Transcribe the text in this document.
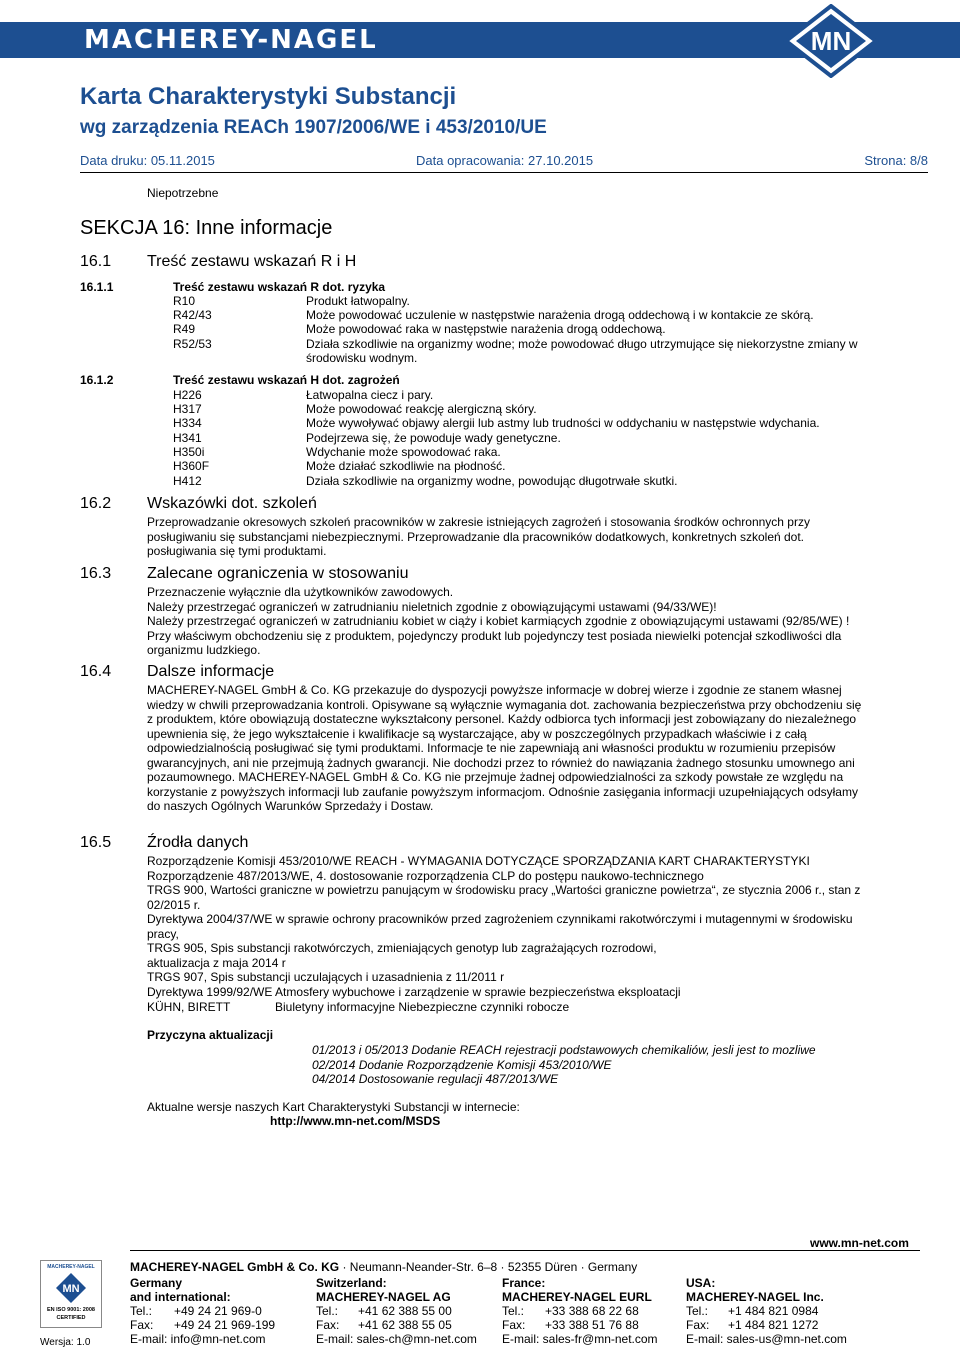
MACHEREY-NAGEL	MN
Karta Charakterystyki Substancji
wg zarządzenia REACh 1907/2006/WE i 453/2010/UE
Data druku: 05.11.2015	Data opracowania: 27.10.2015	Strona: 8/8
Niepotrzebne
SEKCJA 16: Inne informacje
16.1 Treść zestawu wskazań R i H
16.1.1	Treść zestawu wskazań R dot. ryzyka
R10	Produkt łatwopalny.
R42/43	Może powodować uczulenie w następstwie narażenia drogą oddechową i w kontakcie ze skórą.
R49	Może powodować raka w następstwie narażenia drogą oddechową.
R52/53	Działa szkodliwie na organizmy wodne; może powodować długo utrzymujące się niekorzystne zmiany w
środowisku wodnym.
16.1.2	Treść zestawu wskazań H dot. zagrożeń
H226	Łatwopalna ciecz i pary.
H317	Może powodować reakcję alergiczną skóry.
H334	Może wywoływać objawy alergii lub astmy lub trudności w oddychaniu w następstwie wdychania.
H341	Podejrzewa się, że powoduje wady genetyczne.
H350i	Wdychanie może spowodować raka.
H360F	Może działać szkodliwie na płodność.
H412	Działa szkodliwie na organizmy wodne, powodując długotrwałe skutki.
16.2 Wskazówki dot. szkoleń
Przeprowadzanie okresowych szkoleń pracowników w zakresie istniejących zagrożeń i stosowania środków ochronnych przy
posługiwaniu się substancjami niebezpiecznymi. Przeprowadzanie dla pracowników dodatkowych, konkretnych szkoleń dot.
posługiwania się tymi produktami.
16.3 Zalecane ograniczenia w stosowaniu
Przeznaczenie wyłącznie dla użytkowników zawodowych.
Należy przestrzegać ograniczeń w zatrudnianiu nieletnich zgodnie z obowiązującymi ustawami (94/33/WE)!
Należy przestrzegać ograniczeń w zatrudnianiu kobiet w ciąży i kobiet karmiących zgodnie z obowiązującymi ustawami (92/85/WE) !
Przy właściwym obchodzeniu się z produktem, pojedynczy produkt lub pojedynczy test posiada niewielki potencjał szkodliwości dla
organizmu ludzkiego.
16.4 Dalsze informacje
MACHEREY-NAGEL GmbH & Co. KG przekazuje do dyspozycji powyższe informacje w dobrej wierze i zgodnie ze stanem własnej
wiedzy w chwili przeprowadzania kontroli. Opisywane są wyłącznie wymagania dot. zachowania bezpieczeństwa przy obchodzeniu się
z produktem, które obowiązują dostateczne wykształcony personel. Każdy odbiorca tych informacji jest zobowiązany do niezależnego
upewnienia się, że jego wykształcenie i kwalifikacje są wystarczające, aby w poszczególnych przypadkach właściwie i z całą
odpowiedzialnością posługiwać się tymi produktami. Informacje te nie zapewniają ani własności produktu w rozumieniu przepisów
gwarancyjnych, ani nie przejmują żadnych gwarancji. Nie dochodzi przez to również do nawiązania żadnego stosunku umownego ani
pozaumownego. MACHEREY-NAGEL GmbH & Co. KG nie przejmuje żadnej odpowiedzialności za szkody powstałe ze względu na
korzystanie z powyższych informacji lub zaufanie powyższym informacjom. Odnośnie zasięgania informacji uzupełniających odsyłamy
do naszych Ogólnych Warunków Sprzedaży i Dostaw.
16.5 Źrodła danych
Rozporządzenie Komisji 453/2010/WE REACH - WYMAGANIA DOTYCZĄCE SPORZĄDZANIA KART CHARAKTERYSTYKI
Rozporządzenie 487/2013/WE, 4. dostosowanie rozporządzenia CLP do postępu naukowo-technicznego
TRGS 900, Wartości graniczne w powietrzu panującym w środowisku pracy „Wartości graniczne powietrza“, ze stycznia 2006 r., stan z
02/2015 r.
Dyrektywa 2004/37/WE w sprawie ochrony pracowników przed zagrożeniem czynnikami rakotwórczymi i mutagennymi w środowisku
pracy,
TRGS 905, Spis substancji rakotwórczych, zmieniających genotyp lub zagrażających rozrodowi,
aktualizacja z maja 2014 r
TRGS 907, Spis substancji uczulających i uzasadnienia z 11/2011 r
Dyrektywa 1999/92/WE Atmosfery wybuchowe i zarządzenie w sprawie bezpieczeństwa eksploatacji
KÜHN, BIRETT	Biuletyny informacyjne Niebezpieczne czynniki robocze
Przyczyna aktualizacji
01/2013 i 05/2013 Dodanie REACH rejestracji podstawowych chemikaliów, jesli jest to mozliwe
02/2014 Dodanie Rozporządzenie Komisji 453/2010/WE
04/2014 Dostosowanie regulacji 487/2013/WE
Aktualne wersje naszych Kart Charakterystyki Substancji w internecie:
http://www.mn-net.com/MSDS
Wersja: 1.0
MACHEREY-NAGEL
MN
EN ISO 9001: 2008
CERTIFIED
MACHEREY-NAGEL GmbH & Co. KG · Neumann-Neander-Str. 6–8 · 52355 Düren · Germany
www.mn-net.com
Germany
and international:
Tel.: +49 24 21 969-0
Fax: +49 24 21 969-199
E-mail: info@mn-net.com
Switzerland:
MACHEREY-NAGEL AG
Tel.: +41 62 388 55 00
Fax: +41 62 388 55 05
E-mail: sales-ch@mn-net.com
France:
MACHEREY-NAGEL EURL
Tel.: +33 388 68 22 68
Fax: +33 388 51 76 88
E-mail: sales-fr@mn-net.com
USA:
MACHEREY-NAGEL Inc.
Tel.: +1 484 821 0984
Fax: +1 484 821 1272
E-mail: sales-us@mn-net.com
